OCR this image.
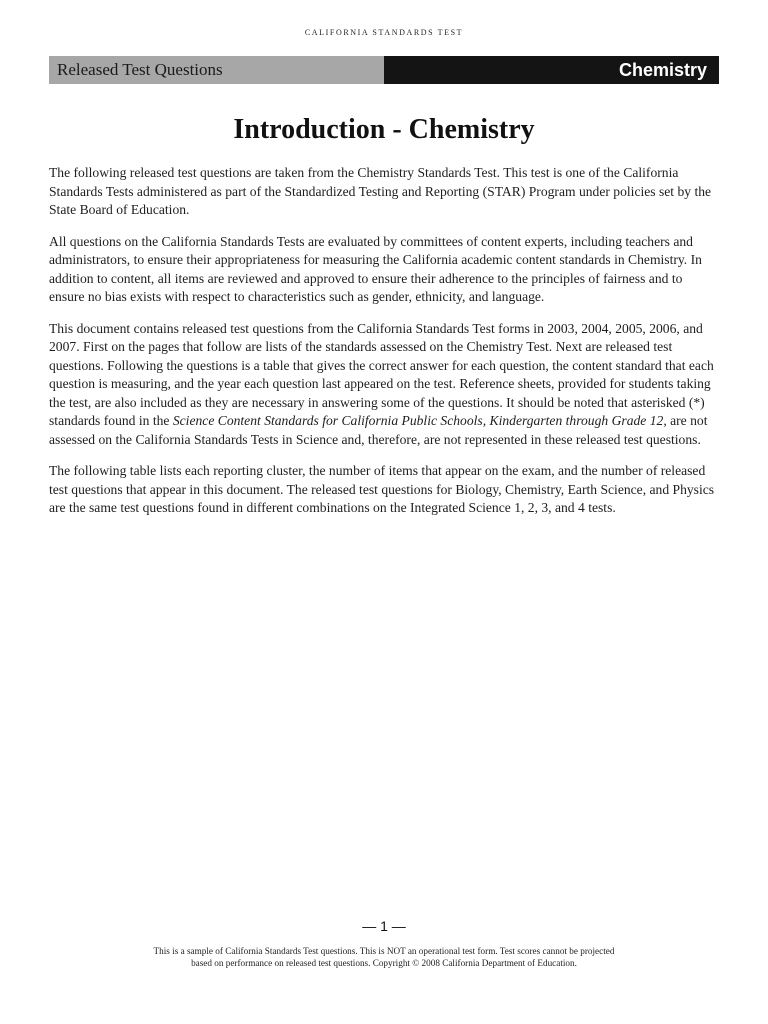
CALIFORNIA STANDARDS TEST
Released Test Questions	Chemistry
Introduction - Chemistry

The following released test questions are taken from the Chemistry Standards Test. This test is one of the California Standards Tests administered as part of the Standardized Testing and Reporting (STAR) Program under policies set by the State Board of Education.

All questions on the California Standards Tests are evaluated by committees of content experts, including teachers and administrators, to ensure their appropriateness for measuring the California academic content standards in Chemistry. In addition to content, all items are reviewed and approved to ensure their adherence to the principles of fairness and to ensure no bias exists with respect to characteristics such as gender, ethnicity, and language.

This document contains released test questions from the California Standards Test forms in 2003, 2004, 2005, 2006, and 2007. First on the pages that follow are lists of the standards assessed on the Chemistry Test. Next are released test questions. Following the questions is a table that gives the correct answer for each question, the content standard that each question is measuring, and the year each question last appeared on the test. Reference sheets, provided for students taking the test, are also included as they are necessary in answering some of the questions. It should be noted that asterisked (*) standards found in the Science Content Standards for California Public Schools, Kindergarten through Grade 12, are not assessed on the California Standards Tests in Science and, therefore, are not represented in these released test questions.

The following table lists each reporting cluster, the number of items that appear on the exam, and the number of released test questions that appear in this document. The released test questions for Biology, Chemistry, Earth Science, and Physics are the same test questions found in different combinations on the Integrated Science 1, 2, 3, and 4 tests.

— 1 —
This is a sample of California Standards Test questions. This is NOT an operational test form. Test scores cannot be projected
based on performance on released test questions. Copyright © 2008 California Department of Education.
